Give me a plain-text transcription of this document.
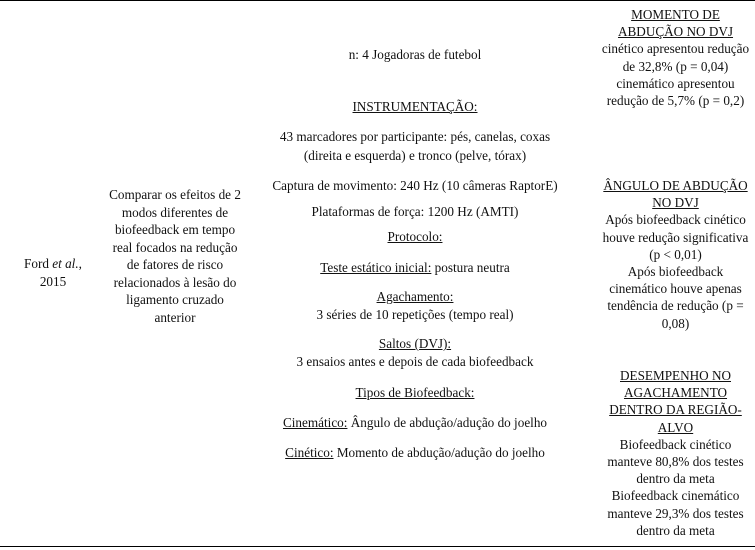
Ford et al.,
2015
Comparar os efeitos de 2 modos diferentes de biofeedback em tempo real focados na redução de fatores de risco relacionados à lesão do ligamento cruzado anterior
n: 4 Jogadoras de futebol
INSTRUMENTAÇÃO:
43 marcadores por participante: pés, canelas, coxas
(direita e esquerda) e tronco (pelve, tórax)
Captura de movimento: 240 Hz (10 câmeras RaptorE)
Plataformas de força: 1200 Hz (AMTI)
Protocolo:
Teste estático inicial: postura neutra
Agachamento:
3 séries de 10 repetições (tempo real)
Saltos (DVJ):
3 ensaios antes e depois de cada biofeedback
Tipos de Biofeedback:
Cinemático: Ângulo de abdução/adução do joelho
Cinético: Momento de abdução/adução do joelho
MOMENTO DE ABDUÇÃO NO DVJ
cinético apresentou redução de 32,8% (p = 0,04)
cinemático apresentou redução de 5,7% (p = 0,2)
ÂNGULO DE ABDUÇÃO NO DVJ
Após biofeedback cinético houve redução significativa (p < 0,01)
Após biofeedback cinemático houve apenas tendência de redução (p = 0,08)
DESEMPENHO NO AGACHAMENTO DENTRO DA REGIÃO-ALVO
Biofeedback cinético manteve 80,8% dos testes dentro da meta
Biofeedback cinemático manteve 29,3% dos testes dentro da meta
